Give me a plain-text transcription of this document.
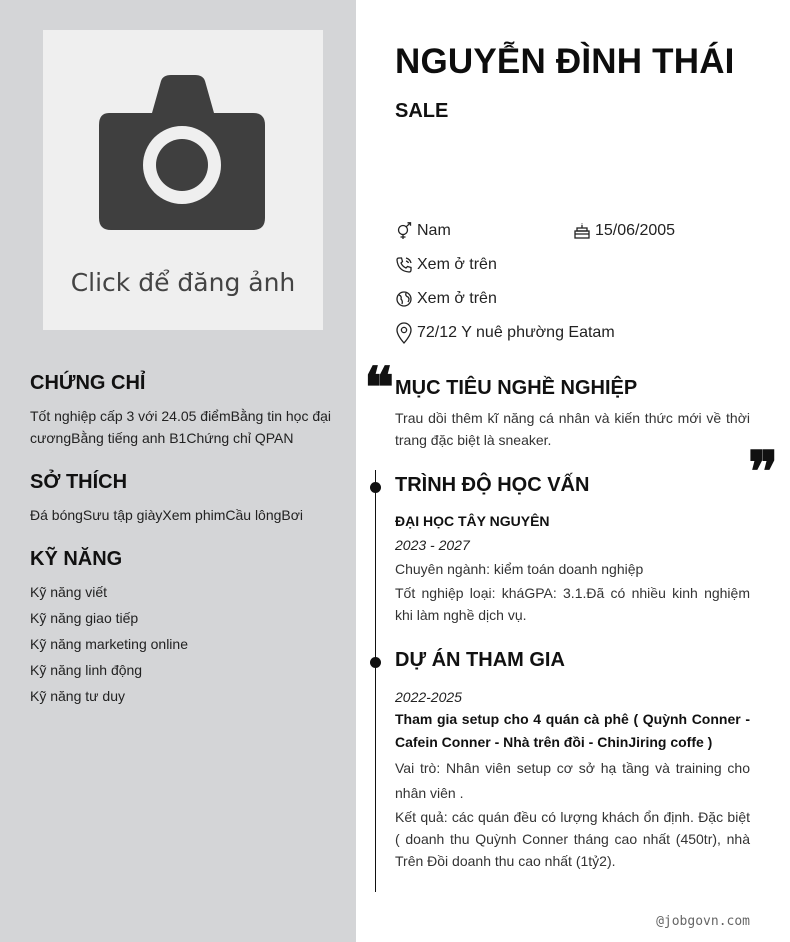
Click để đăng ảnh
CHỨNG CHỈ
Tốt nghiệp cấp 3 với 24.05 điểmBằng tin học đại cươngBằng tiếng anh B1Chứng chỉ QPAN
SỞ THÍCH
Đá bóngSưu tập giàyXem phimCầu lôngBơi
KỸ NĂNG
Kỹ năng viết
Kỹ năng giao tiếp
Kỹ năng marketing online
Kỹ năng linh động
Kỹ năng tư duy
NGUYỄN ĐÌNH THÁI
SALE
Nam	15/06/2005
Xem ở trên
Xem ở trên
72/12 Y nuê phường Eatam
❝ MỤC TIÊU NGHỀ NGHIỆP
Trau dồi thêm kĩ năng cá nhân và kiến thức mới về thời trang đặc biệt là sneaker.	❞
TRÌNH ĐỘ HỌC VẤN
ĐẠI HỌC TÂY NGUYÊN
2023 - 2027
Chuyên ngành: kiểm toán doanh nghiệp
Tốt nghiệp loại: kháGPA: 3.1.Đã có nhiều kinh nghiệm khi làm nghề dịch vụ.
DỰ ÁN THAM GIA
2022-2025
Tham gia setup cho 4 quán cà phê ( Quỳnh Conner - Cafein Conner - Nhà trên đồi - ChinJiring coffe )
Vai trò: Nhân viên setup cơ sở hạ tầng và training cho nhân viên .
Kết quả: các quán đều có lượng khách ổn định. Đặc biệt ( doanh thu Quỳnh Conner tháng cao nhất (450tr), nhà Trên Đồi doanh thu cao nhất (1tỷ2).
@jobgovn.com
